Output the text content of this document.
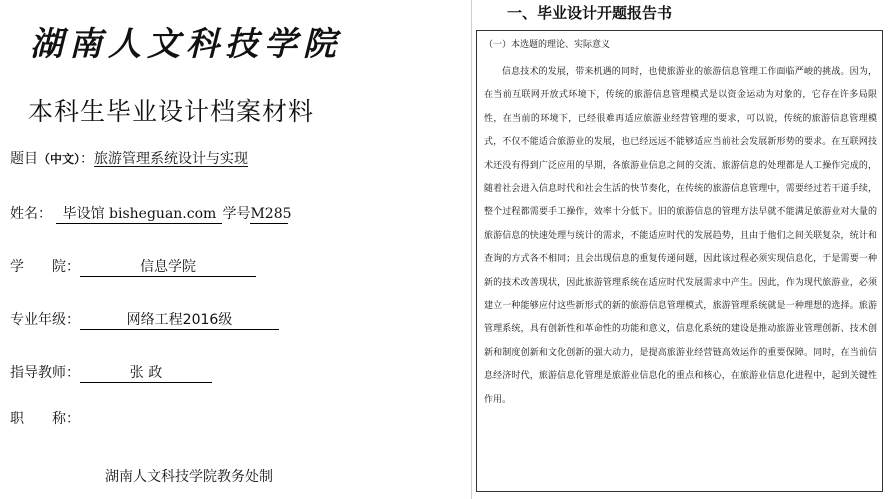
湖南人文科技学院
本科生毕业设计档案材料
题目（中文）：旅游管理系统设计与实现
姓名： 毕设馆 bisheguan.com 学号M285
学　　院：	信息学院
专业年级：	网络工程2016级
指导教师：	张 政
职　　称：
湖南人文科技学院教务处制
一、毕业设计开题报告书
（一）本选题的理论、实际意义

信息技术的发展，带来机遇的同时，也使旅游业的旅游信息管理工作面临严峻的挑战。因为，在当前互联网开放式环境下，传统的旅游信息管理模式是以资金运动为对象的，它存在许多局限性，在当前的环境下，已经很难再适应旅游业经营管理的要求，可以说，传统的旅游信息管理模式，不仅不能适合旅游业的发展，也已经远远不能够适应当前社会发展新形势的要求。在互联网技术还没有得到广泛应用的早期，各旅游业信息之间的交流、旅游信息的处理都是人工操作完成的，随着社会进入信息时代和社会生活的快节奏化，在传统的旅游信息管理中，需要经过若干道手续，整个过程都需要手工操作，效率十分低下。旧的旅游信息的管理方法早就不能满足旅游业对大量的旅游信息的快速处理与统计的需求，不能适应时代的发展趋势，且由于他们之间关联复杂，统计和查询的方式各不相同；且会出现信息的重复传递问题，因此该过程必须实现信息化，于是需要一种新的技术改善现状，因此旅游管理系统在适应时代发展需求中产生。因此，作为现代旅游业，必须建立一种能够应付这些新形式的新的旅游信息管理模式，旅游管理系统就是一种理想的选择。旅游管理系统，具有创新性和革命性的功能和意义，信息化系统的建设是推动旅游业管理创新、技术创新和制度创新和文化创新的强大动力，是提高旅游业经营链高效运作的重要保障。同时，在当前信息经济时代，旅游信息化管理是旅游业信息化的重点和核心，在旅游业信息化进程中，起到关键性作用。
